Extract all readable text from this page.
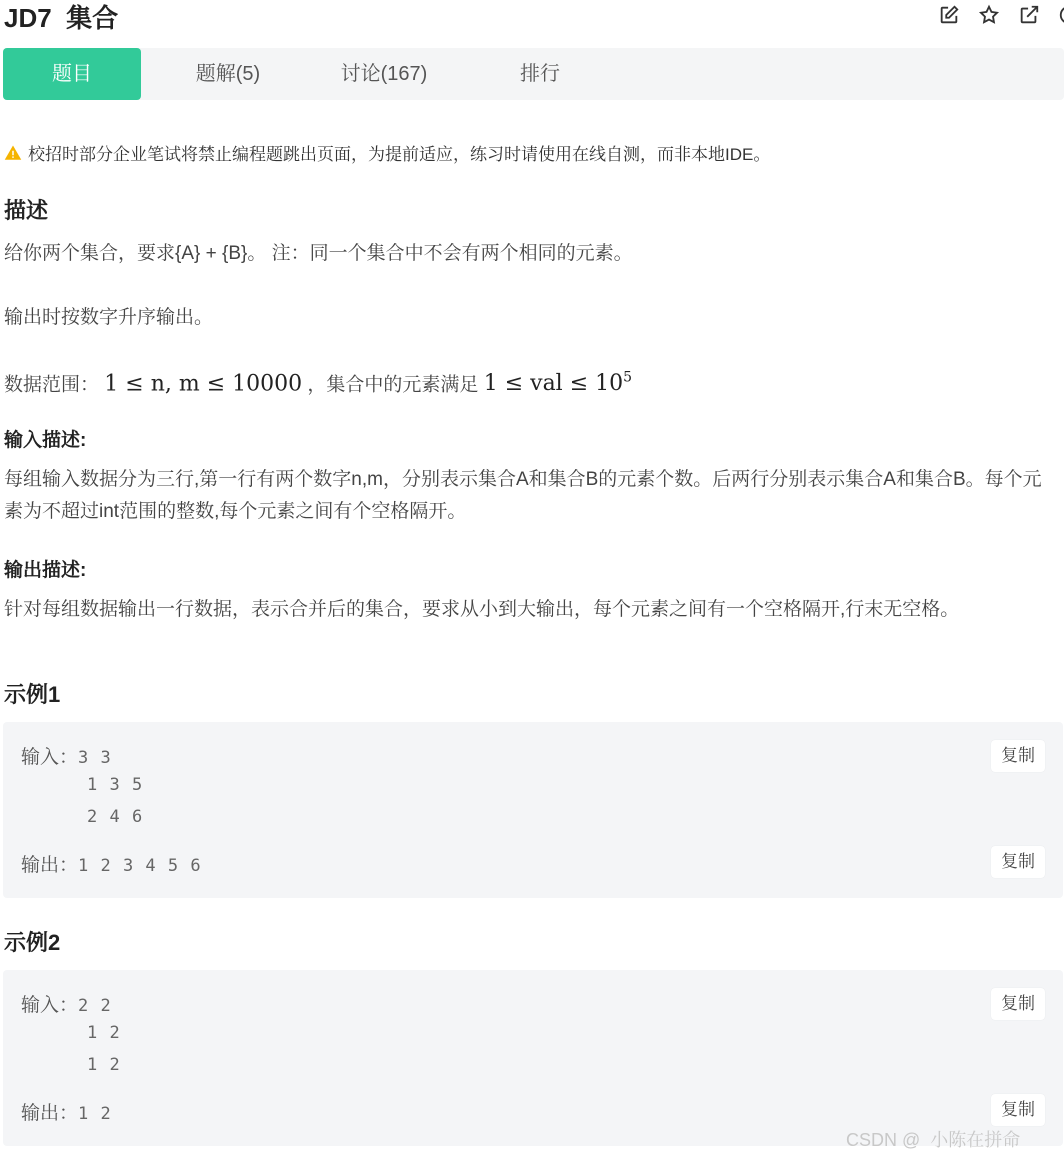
JD7  集合
题目	题解(5)	讨论(167)	排行
校招时部分企业笔试将禁止编程题跳出页面，为提前适应，练习时请使用在线自测，而非本地IDE。
描述
给你两个集合，要求{A} + {B}。 注：同一个集合中不会有两个相同的元素。
输出时按数字升序输出。
数据范围： 1 ≤ n, m ≤ 10000 ，集合中的元素满足 1 ≤ val ≤ $10^5$
输入描述:
每组输入数据分为三行,第一行有两个数字n,m，分别表示集合A和集合B的元素个数。后两行分别表示集合A和集合B。每个元素为不超过int范围的整数,每个元素之间有个空格隔开。
输出描述:
针对每组数据输出一行数据，表示合并后的集合，要求从小到大输出，每个元素之间有一个空格隔开,行末无空格。
示例1
输入：3 3
1 3 5
2 4 6
复制
输出：1 2 3 4 5 6	复制
示例2
输入：2 2
1 2
1 2
复制
输出：1 2	复制
CSDN @  小陈在拼命
